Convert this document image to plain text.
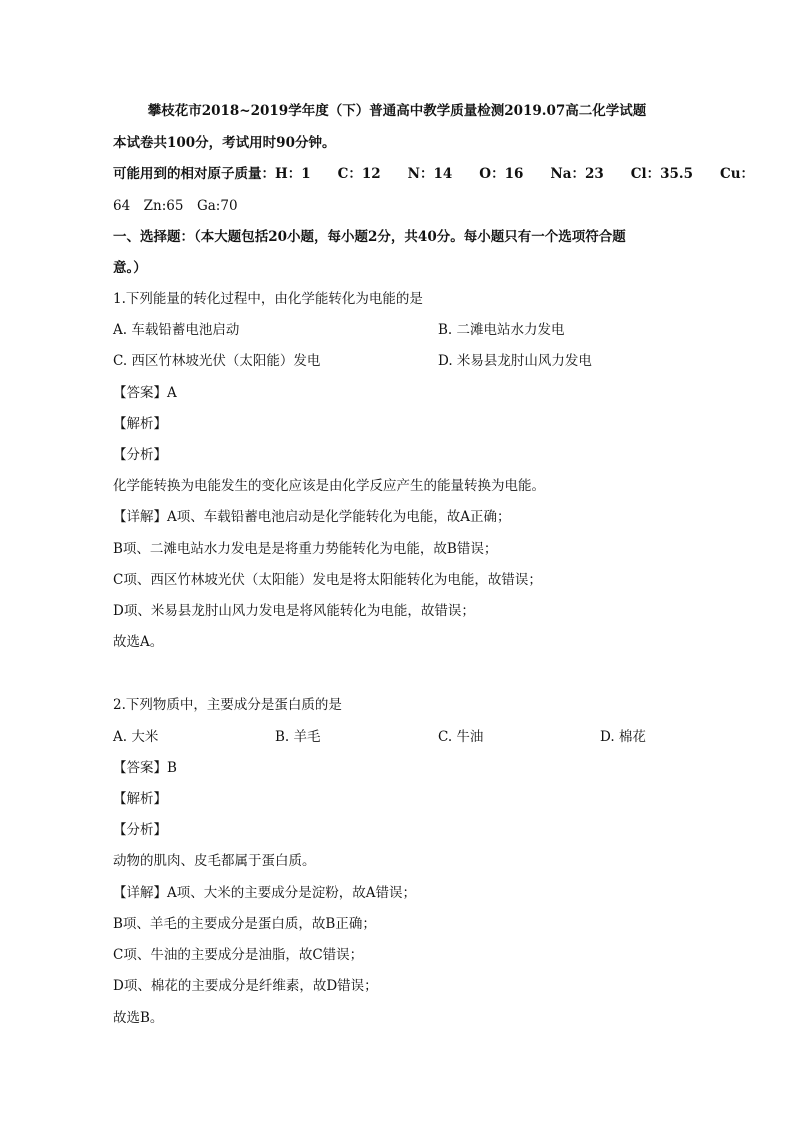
攀枝花市2018~2019学年度（下）普通高中教学质量检测2019.07高二化学试题
本试卷共100分，考试用时90分钟。
可能用到的相对原子质量：H：1　　C：12　　N：14　　O：16　　Na：23　　Cl：35.5　　Cu：
64　Zn:65　Ga:70
一、选择题：（本大题包括20小题，每小题2分，共40分。每小题只有一个选项符合题
意。）
1.下列能量的转化过程中，由化学能转化为电能的是
A. 车载铅蓄电池启动	B. 二滩电站水力发电
C. 西区竹林坡光伏（太阳能）发电	D. 米易县龙肘山风力发电
【答案】A
【解析】
【分析】
化学能转换为电能发生的变化应该是由化学反应产生的能量转换为电能。
【详解】A项、车载铅蓄电池启动是化学能转化为电能，故A正确；
B项、二滩电站水力发电是是将重力势能转化为电能，故B错误；
C项、西区竹林坡光伏（太阳能）发电是将太阳能转化为电能，故错误；
D项、米易县龙肘山风力发电是将风能转化为电能，故错误；
故选A。
2.下列物质中，主要成分是蛋白质的是
A. 大米	B. 羊毛	C. 牛油	D. 棉花
【答案】B
【解析】
【分析】
动物的肌肉、皮毛都属于蛋白质。
【详解】A项、大米的主要成分是淀粉，故A错误；
B项、羊毛的主要成分是蛋白质，故B正确；
C项、牛油的主要成分是油脂，故C错误；
D项、棉花的主要成分是纤维素，故D错误；
故选B。
